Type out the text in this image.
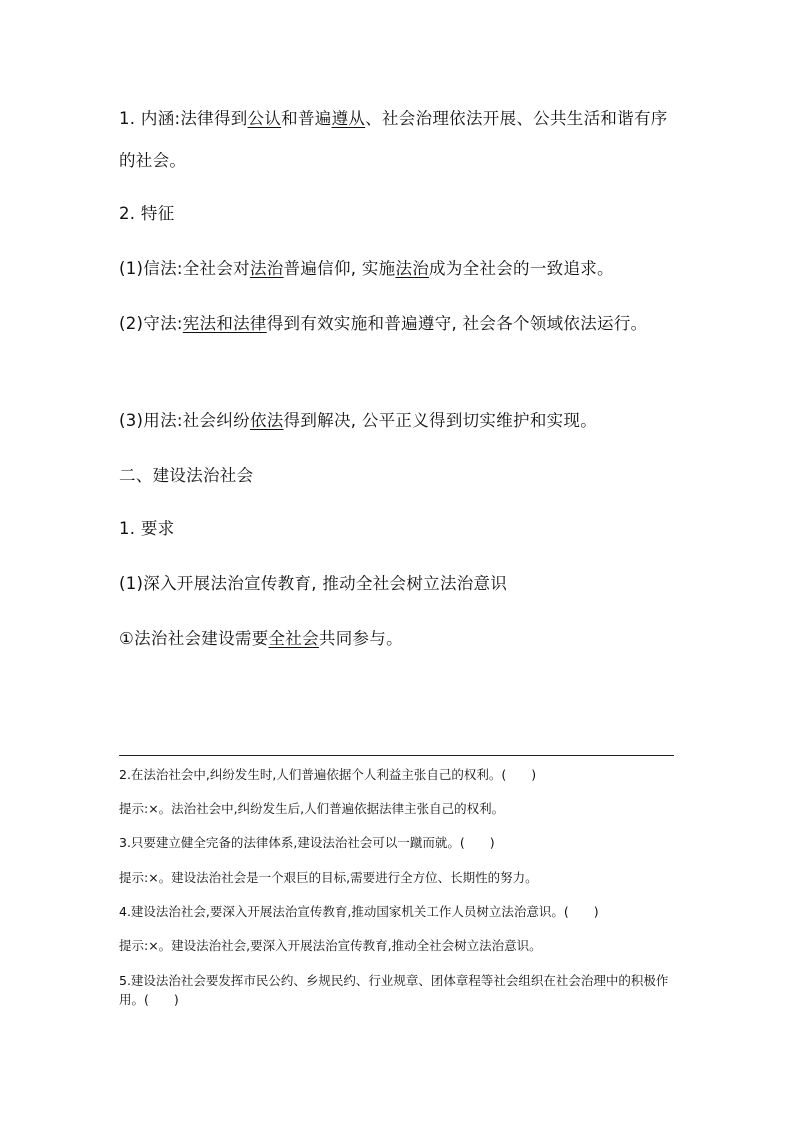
1. 内涵:法律得到公认和普遍遵从、社会治理依法开展、公共生活和谐有序的社会。

2. 特征

(1)信法:全社会对法治普遍信仰, 实施法治成为全社会的一致追求。

(2)守法:宪法和法律得到有效实施和普遍遵守, 社会各个领域依法运行。

(3)用法:社会纠纷依法得到解决, 公平正义得到切实维护和实现。

二、建设法治社会

1. 要求

(1)深入开展法治宣传教育, 推动全社会树立法治意识

①法治社会建设需要全社会共同参与。

2.在法治社会中,纠纷发生时,人们普遍依据个人利益主张自己的权利。(　　)

提示:×。法治社会中,纠纷发生后,人们普遍依据法律主张自己的权利。

3.只要建立健全完备的法律体系,建设法治社会可以一蹴而就。(　　)

提示:×。建设法治社会是一个艰巨的目标,需要进行全方位、长期性的努力。

4.建设法治社会,要深入开展法治宣传教育,推动国家机关工作人员树立法治意识。(　　)

提示:×。建设法治社会,要深入开展法治宣传教育,推动全社会树立法治意识。

5.建设法治社会要发挥市民公约、乡规民约、行业规章、团体章程等社会组织在社会治理中的积极作用。(　　)
